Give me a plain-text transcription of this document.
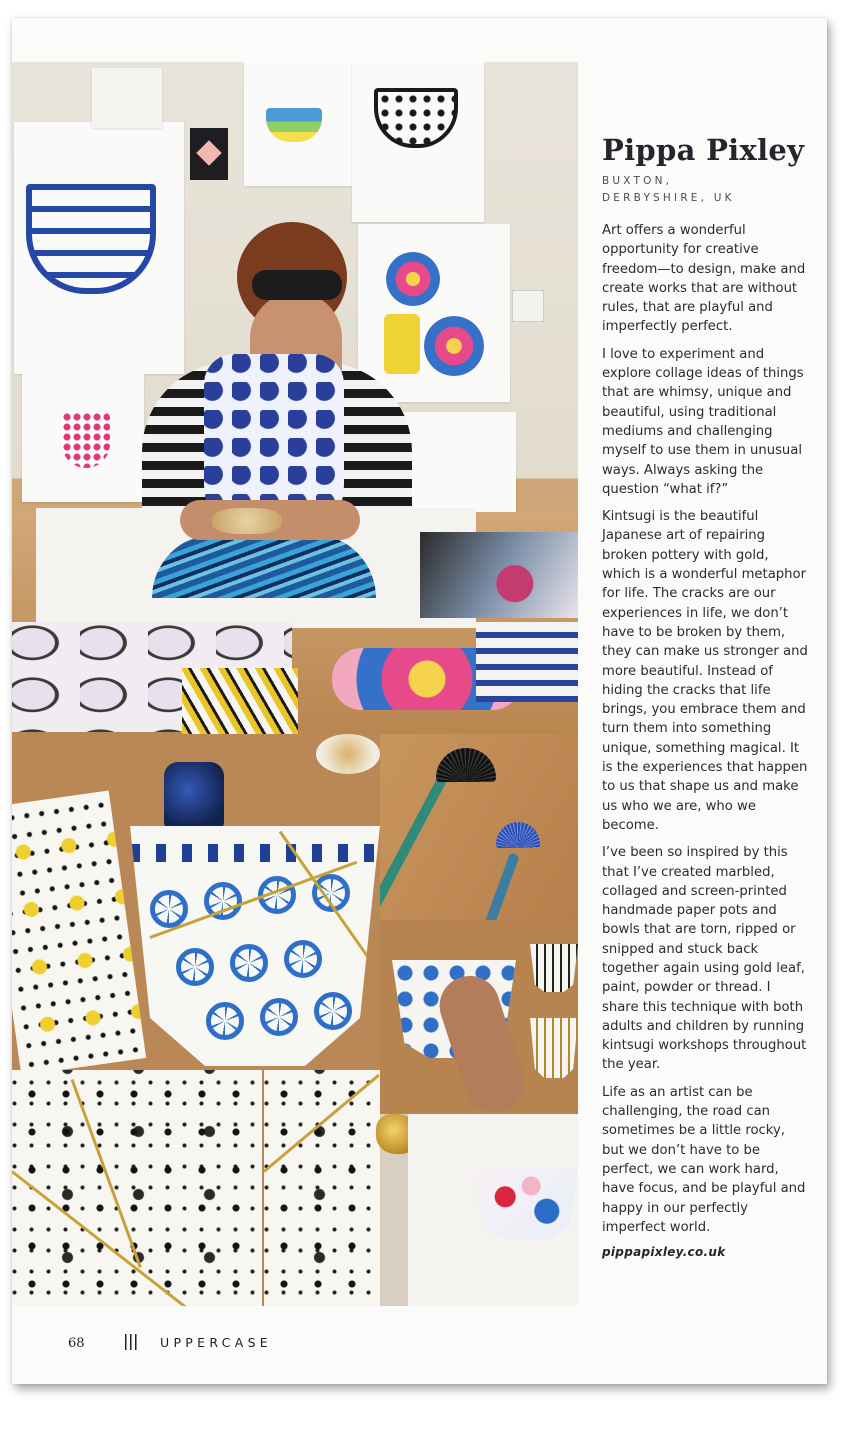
Pippa Pixley
BUXTON, DERBYSHIRE, UK

Art offers a wonderful opportunity for creative freedom—to design, make and create works that are without rules, that are playful and imperfectly perfect.

I love to experiment and explore collage ideas of things that are whimsy, unique and beautiful, using traditional mediums and challenging myself to use them in unusual ways. Always asking the question “what if?”

Kintsugi is the beautiful Japanese art of repairing broken pottery with gold, which is a wonderful metaphor for life. The cracks are our experiences in life, we don’t have to be broken by them, they can make us stronger and more beautiful. Instead of hiding the cracks that life brings, you embrace them and turn them into something unique, something magical. It is the experiences that happen to us that shape us and make us who we are, who we become.

I’ve been so inspired by this that I’ve created marbled, collaged and screen-printed handmade paper pots and bowls that are torn, ripped or snipped and stuck back together again using gold leaf, paint, powder or thread. I share this technique with both adults and children by running kintsugi workshops throughout the year.

Life as an artist can be challenging, the road can sometimes be a little rocky, but we don’t have to be perfect, we can work hard, have focus, and be playful and happy in our perfectly imperfect world.

pippapixley.co.uk
68	UPPERCASE
